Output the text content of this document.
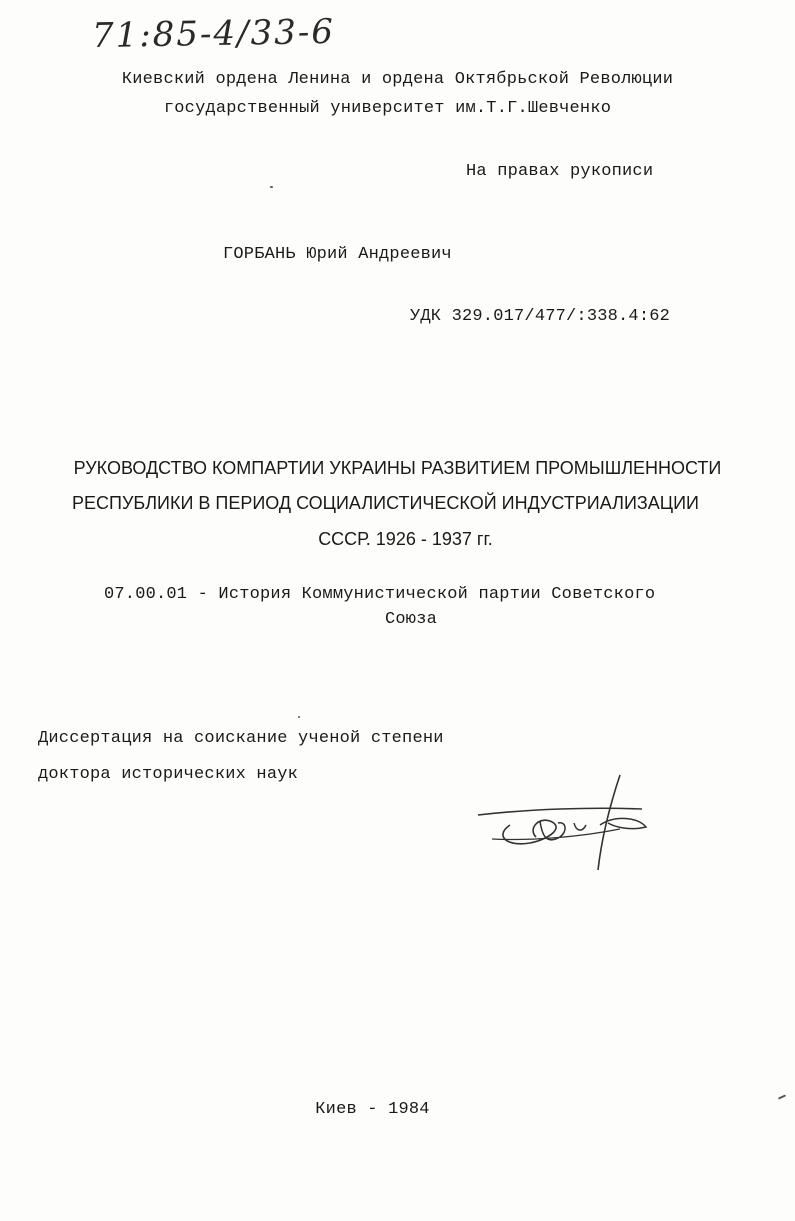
71:85-4/33-6
Киевский ордена Ленина и ордена Октябрьской Революции
государственный университет им.Т.Г.Шевченко
На правах рукописи
ГОРБАНЬ Юрий Андреевич
УДК 329.017/477/:338.4:62
РУКОВОДСТВО КОМПАРТИИ УКРАИНЫ РАЗВИТИЕМ ПРОМЫШЛЕННОСТИ
РЕСПУБЛИКИ В ПЕРИОД СОЦИАЛИСТИЧЕСКОЙ ИНДУСТРИАЛИЗАЦИИ
СССР. 1926 - 1937 гг.
07.00.01 - История Коммунистической партии Советского
Союза
Диссертация на соискание ученой степени
доктора исторических наук
Киев - 1984
